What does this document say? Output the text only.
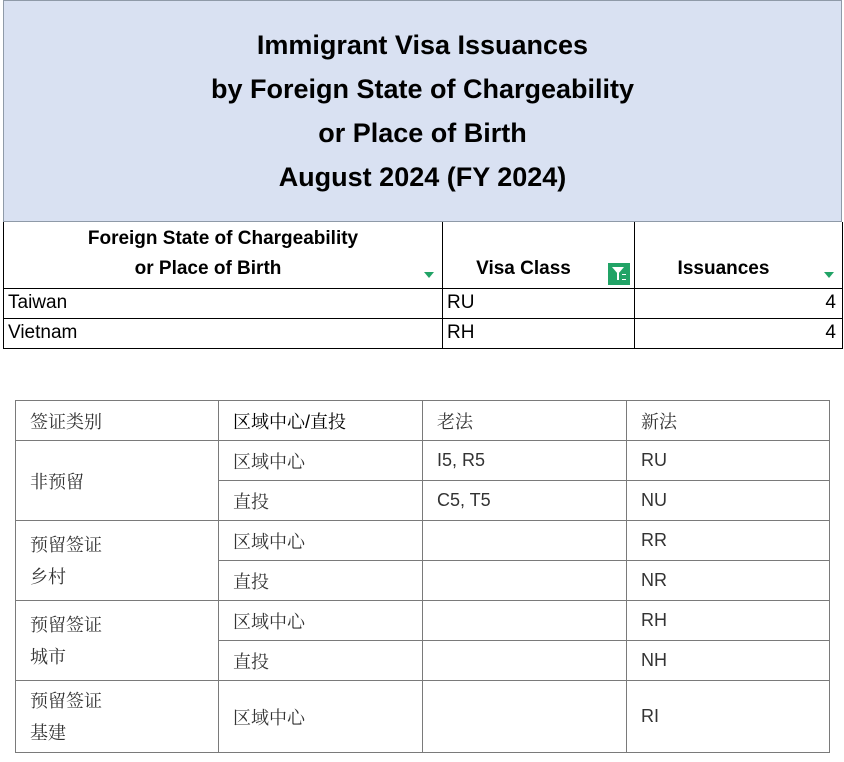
Immigrant Visa Issuances
by Foreign State of Chargeability
or Place of Birth
August 2024 (FY 2024)
Foreign State of Chargeability
or Place of Birth	Visa Class	Issuances

Taiwan	RU	4
Vietnam	RH	4
签证类别	区域中心/直投	老法	新法
非预留	区域中心	I5, R5	RU
	直投	C5, T5	NU

预留签证
乡村	区域中心		RR
	直投		NR

预留签证
城市	区域中心		RH
	直投		NH

预留签证
基建	区域中心		RI
